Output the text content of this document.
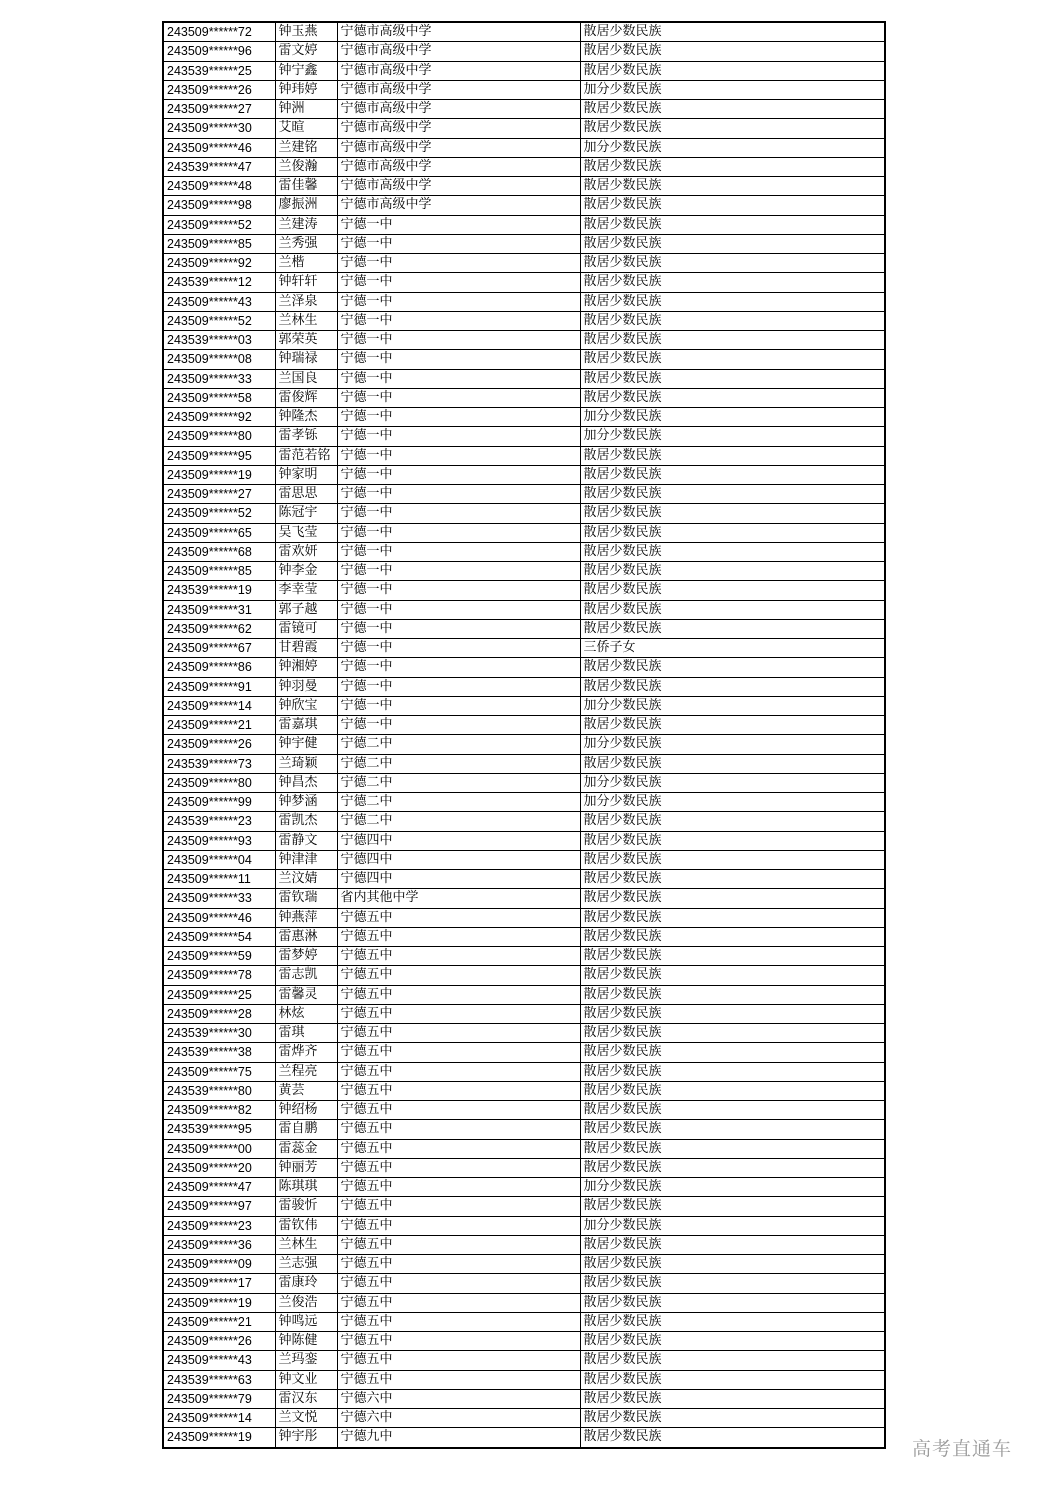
243509******72	钟玉燕	宁德市高级中学	散居少数民族
243509******96	雷文婷	宁德市高级中学	散居少数民族
243539******25	钟宁鑫	宁德市高级中学	散居少数民族
243509******26	钟玮婷	宁德市高级中学	加分少数民族
243509******27	钟洲	宁德市高级中学	散居少数民族
243509******30	艾暄	宁德市高级中学	散居少数民族
243509******46	兰建铭	宁德市高级中学	加分少数民族
243539******47	兰俊瀚	宁德市高级中学	散居少数民族
243509******48	雷佳馨	宁德市高级中学	散居少数民族
243509******98	廖振洲	宁德市高级中学	散居少数民族
243509******52	兰建涛	宁德一中	散居少数民族
243509******85	兰秀强	宁德一中	散居少数民族
243509******92	兰楷	宁德一中	散居少数民族
243539******12	钟轩轩	宁德一中	散居少数民族
243509******43	兰泽泉	宁德一中	散居少数民族
243509******52	兰林生	宁德一中	散居少数民族
243539******03	郭荣英	宁德一中	散居少数民族
243509******08	钟瑞禄	宁德一中	散居少数民族
243509******33	兰国良	宁德一中	散居少数民族
243509******58	雷俊辉	宁德一中	散居少数民族
243509******92	钟隆杰	宁德一中	加分少数民族
243509******80	雷孝铄	宁德一中	加分少数民族
243509******95	雷范若铭	宁德一中	散居少数民族
243509******19	钟家明	宁德一中	散居少数民族
243509******27	雷思思	宁德一中	散居少数民族
243509******52	陈冠宇	宁德一中	散居少数民族
243509******65	吴飞莹	宁德一中	散居少数民族
243509******68	雷欢妍	宁德一中	散居少数民族
243509******85	钟李金	宁德一中	散居少数民族
243539******19	李幸莹	宁德一中	散居少数民族
243509******31	郭子越	宁德一中	散居少数民族
243509******62	雷镜可	宁德一中	散居少数民族
243509******67	甘碧霞	宁德一中	三侨子女
243509******86	钟湘婷	宁德一中	散居少数民族
243509******91	钟羽曼	宁德一中	散居少数民族
243509******14	钟欣宝	宁德一中	加分少数民族
243509******21	雷嘉琪	宁德一中	散居少数民族
243509******26	钟宇健	宁德二中	加分少数民族
243539******73	兰琦颖	宁德二中	散居少数民族
243509******80	钟昌杰	宁德二中	加分少数民族
243509******99	钟梦涵	宁德二中	加分少数民族
243539******23	雷凯杰	宁德二中	散居少数民族
243509******93	雷静文	宁德四中	散居少数民族
243509******04	钟津津	宁德四中	散居少数民族
243509******11	兰汶婧	宁德四中	散居少数民族
243509******33	雷钦瑞	省内其他中学	散居少数民族
243509******46	钟燕萍	宁德五中	散居少数民族
243509******54	雷惠淋	宁德五中	散居少数民族
243509******59	雷梦婷	宁德五中	散居少数民族
243509******78	雷志凯	宁德五中	散居少数民族
243509******25	雷馨灵	宁德五中	散居少数民族
243509******28	林炫	宁德五中	散居少数民族
243539******30	雷琪	宁德五中	散居少数民族
243539******38	雷烨齐	宁德五中	散居少数民族
243509******75	兰程亮	宁德五中	散居少数民族
243539******80	黄芸	宁德五中	散居少数民族
243509******82	钟绍杨	宁德五中	散居少数民族
243539******95	雷自鹏	宁德五中	散居少数民族
243509******00	雷蕊金	宁德五中	散居少数民族
243509******20	钟丽芳	宁德五中	散居少数民族
243509******47	陈琪琪	宁德五中	加分少数民族
243509******97	雷骏忻	宁德五中	散居少数民族
243509******23	雷钦伟	宁德五中	加分少数民族
243509******36	兰林生	宁德五中	散居少数民族
243509******09	兰志强	宁德五中	散居少数民族
243509******17	雷康玲	宁德五中	散居少数民族
243509******19	兰俊浩	宁德五中	散居少数民族
243509******21	钟鸣远	宁德五中	散居少数民族
243509******26	钟陈健	宁德五中	散居少数民族
243509******43	兰玛銮	宁德五中	散居少数民族
243539******63	钟文业	宁德五中	散居少数民族
243509******79	雷汉东	宁德六中	散居少数民族
243509******14	兰文悦	宁德六中	散居少数民族
243509******19	钟宇彤	宁德九中	散居少数民族
高考直通车
